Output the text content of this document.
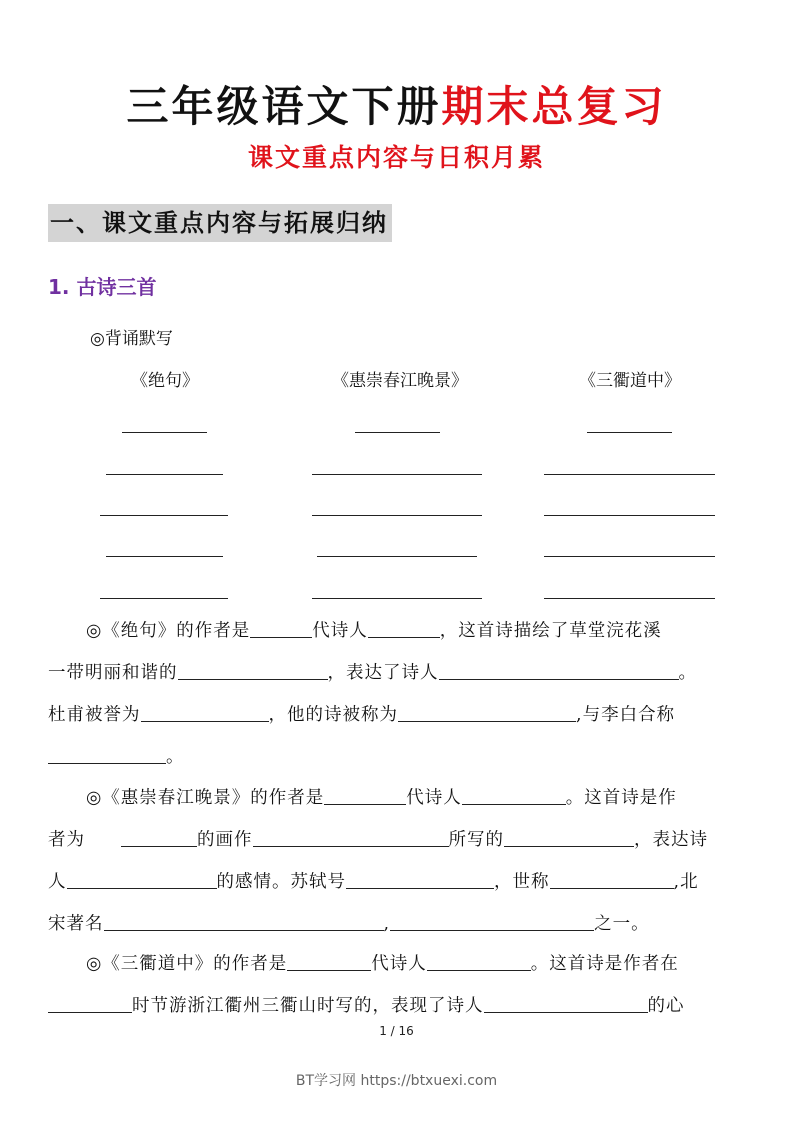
三年级语文下册期末总复习
课文重点内容与日积月累
一、课文重点内容与拓展归纳
1. 古诗三首
◎背诵默写
《绝句》	《惠崇春江晚景》	《三衢道中》
◎《绝句》的作者是	代诗人	，这首诗描绘了草堂浣花溪
一带明丽和谐的	，表达了诗人	。
杜甫被誉为	，他的诗被称为	,与李白合称
。
◎《惠崇春江晚景》的作者是	代诗人	。这首诗是作
者为	的画作	所写的	，表达诗
人	的感情。苏轼号	，世称	,北
宋著名	,	之一。
◎《三衢道中》的作者是	代诗人	。这首诗是作者在
时节游浙江衢州三衢山时写的，表现了诗人	的心
1 / 16
BT学习网 https://btxuexi.com
